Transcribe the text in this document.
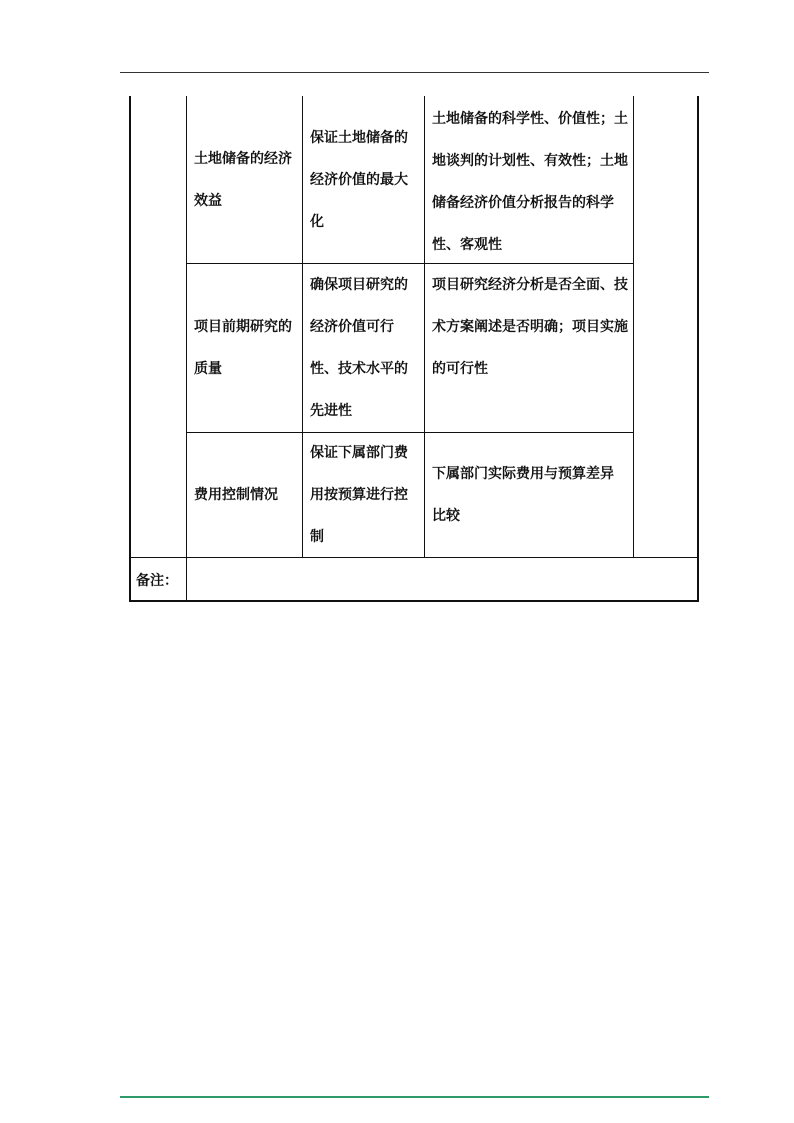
土地储备的经济效益
保证土地储备的经济价值的最大化
土地储备的科学性、价值性；土地谈判的计划性、有效性；土地储备经济价值分析报告的科学性、客观性
项目前期研究的质量
确保项目研究的经济价值可行性、技术水平的先进性
项目研究经济分析是否全面、技术方案阐述是否明确；项目实施的可行性
费用控制情况
保证下属部门费用按预算进行控制
下属部门实际费用与预算差异比较
备注：
